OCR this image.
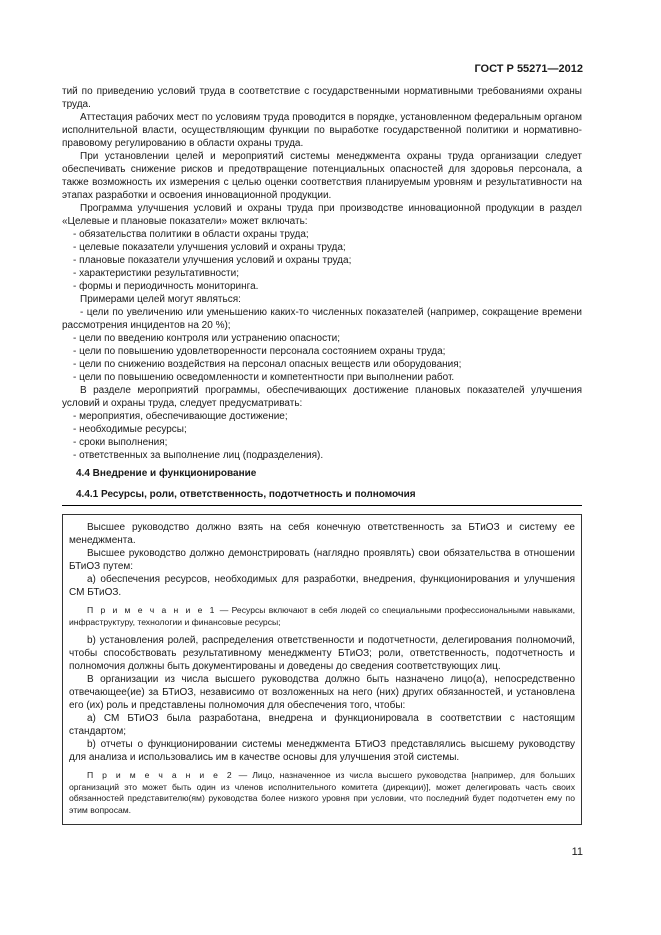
ГОСТ Р 55271—2012

тий по приведению условий труда в соответствие с государственными нормативными требованиями охраны труда.

Аттестация рабочих мест по условиям труда проводится в порядке, установленном федеральным органом исполнительной власти, осуществляющим функции по выработке государственной политики и нормативно-правовому регулированию в области охраны труда.

При установлении целей и мероприятий системы менеджмента охраны труда организации следует обеспечивать снижение рисков и предотвращение потенциальных опасностей для здоровья персонала, а также возможность их измерения с целью оценки соответствия планируемым уровням и результативности на этапах разработки и освоения инновационной продукции.

Программа улучшения условий и охраны труда при производстве инновационной продукции в раздел «Целевые и плановые показатели» может включать:

- обязательства политики в области охраны труда;

- целевые показатели улучшения условий и охраны труда;

- плановые показатели улучшения условий и охраны труда;

- характеристики результативности;

- формы и периодичность мониторинга.

Примерами целей могут являться:

- цели по увеличению или уменьшению каких-то численных показателей (например, сокращение времени рассмотрения инцидентов на 20 %);

- цели по введению контроля или устранению опасности;

- цели по повышению удовлетворенности персонала состоянием охраны труда;

- цели по снижению воздействия на персонал опасных веществ или оборудования;

- цели по повышению осведомленности и компетентности при выполнении работ.

В разделе мероприятий программы, обеспечивающих достижение плановых показателей улучшения условий и охраны труда, следует предусматривать:

- мероприятия, обеспечивающие достижение;

- необходимые ресурсы;

- сроки выполнения;

- ответственных за выполнение лиц (подразделения).

4.4 Внедрение и функционирование

4.4.1 Ресурсы, роли, ответственность, подотчетность и полномочия

Высшее руководство должно взять на себя конечную ответственность за БТиОЗ и систему ее менеджмента.

Высшее руководство должно демонстрировать (наглядно проявлять) свои обязательства в отношении БТиОЗ путем:

a) обеспечения ресурсов, необходимых для разработки, внедрения, функционирования и улучшения СМ БТиОЗ.

П р и м е ч а н и е 1 — Ресурсы включают в себя людей со специальными профессиональными навыками, инфраструктуру, технологии и финансовые ресурсы;

b) установления ролей, распределения ответственности и подотчетности, делегирования полномочий, чтобы способствовать результативному менеджменту БТиОЗ; роли, ответственность, подотчетность и полномочия должны быть документированы и доведены до сведения соответствующих лиц.

В организации из числа высшего руководства должно быть назначено лицо(а), непосредственно отвечающее(ие) за БТиОЗ, независимо от возложенных на него (них) других обязанностей, и установлена его (их) роль и представлены полномочия для обеспечения того, чтобы:

a) СМ БТиОЗ была разработана, внедрена и функционировала в соответствии с настоящим стандартом;

b) отчеты о функционировании системы менеджмента БТиОЗ представлялись высшему руководству для анализа и использовались им в качестве основы для улучшения этой системы.

П р и м е ч а н и е 2 — Лицо, назначенное из числа высшего руководства [например, для больших организаций это может быть один из членов исполнительного комитета (дирекции)], может делегировать часть своих обязанностей представителю(ям) руководства более низкого уровня при условии, что последний будет подотчетен ему по этим вопросам.

11
